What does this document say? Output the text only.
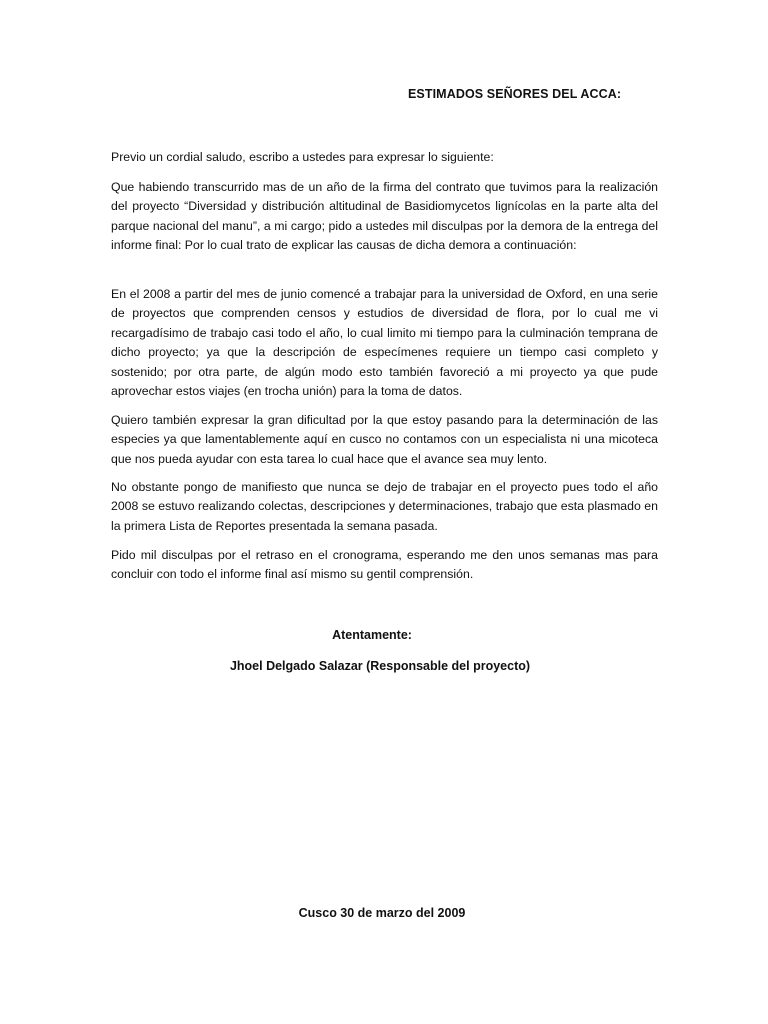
ESTIMADOS SEÑORES DEL ACCA:
Previo un cordial saludo, escribo a ustedes para expresar lo siguiente:

Que habiendo transcurrido mas de un año de la firma del contrato que tuvimos para la realización del proyecto “Diversidad y distribución altitudinal de Basidiomycetos lignícolas en la parte alta del parque nacional del manu”, a mi cargo; pido a ustedes mil disculpas por la demora de la entrega del informe final: Por lo cual trato de explicar las causas de dicha demora a continuación:

En el 2008 a partir del mes de junio comencé a trabajar para la universidad de Oxford, en una serie de proyectos que comprenden censos y estudios de diversidad de flora, por lo cual me vi recargadísimo de trabajo casi todo el año, lo cual limito mi tiempo para la culminación temprana de dicho proyecto; ya que la descripción de especímenes requiere un tiempo casi completo y sostenido; por otra parte, de algún modo esto también favoreció a mi proyecto ya que pude aprovechar estos viajes (en trocha unión) para la toma de datos.

Quiero también expresar la gran dificultad por la que estoy pasando para la determinación de las especies ya que lamentablemente aquí en cusco no contamos con un especialista ni una micoteca que nos pueda ayudar con esta tarea lo cual hace que el avance sea muy lento.

No obstante pongo de manifiesto que nunca se dejo de trabajar en el proyecto pues todo el año 2008 se estuvo realizando colectas, descripciones y determinaciones, trabajo que esta plasmado en la primera Lista de Reportes presentada la semana pasada.

Pido mil disculpas por el retraso en el cronograma, esperando me den unos semanas mas para concluir con todo el informe final así mismo su gentil comprensión.

Atentamente:
Jhoel Delgado Salazar (Responsable del proyecto)
Cusco 30 de marzo del 2009
